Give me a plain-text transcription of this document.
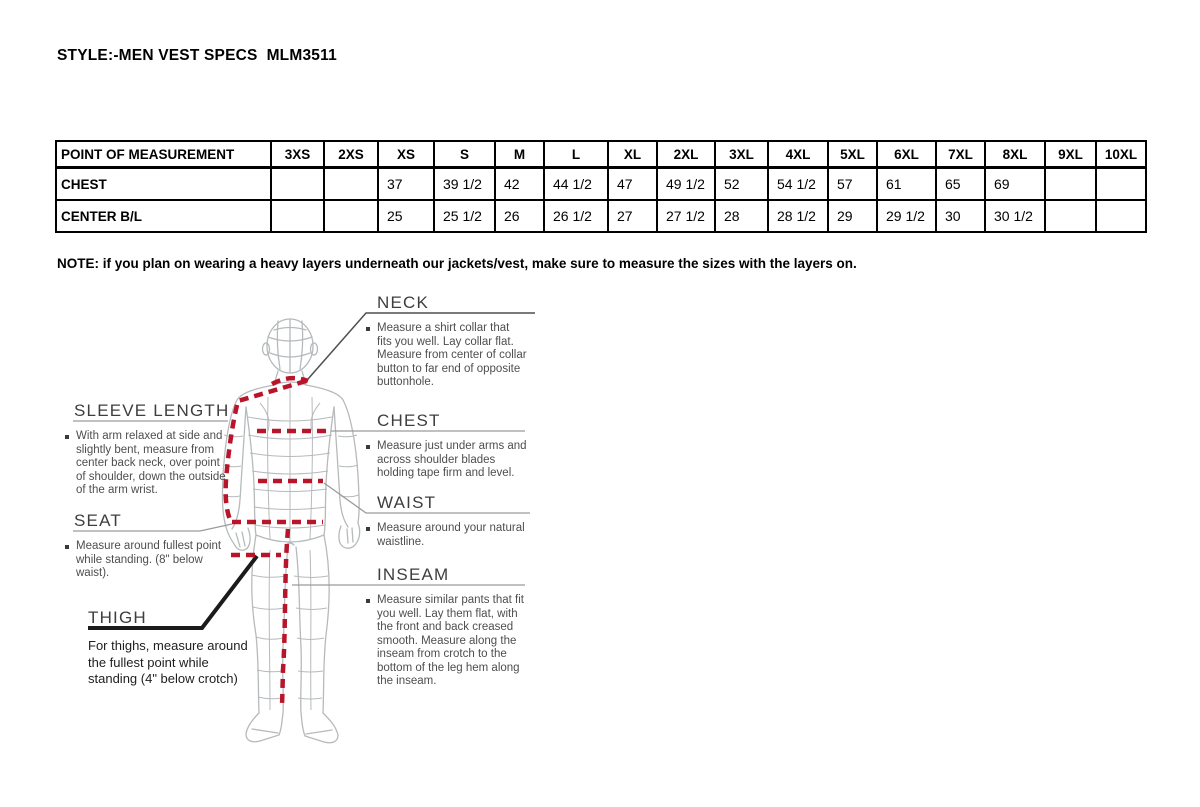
STYLE:-MEN VEST SPECS  MLM3511
POINT OF MEASUREMENT	3XS	2XS	XS	S	M	L	XL	2XL	3XL	4XL	5XL	6XL	7XL	8XL	9XL	10XL
CHEST			37	39 1/2	42	44 1/2	47	49 1/2	52	54 1/2	57	61	65	69		
CENTER B/L			25	25 1/2	26	26 1/2	27	27 1/2	28	28 1/2	29	29 1/2	30	30 1/2		

NOTE: if you plan on wearing a heavy layers underneath our jackets/vest, make sure to measure the sizes with the layers on.

NECK

Measure a shirt collar that fits you well. Lay collar flat. Measure from center of collar button to far end of opposite buttonhole.

CHEST

Measure just under arms and across shoulder blades holding tape firm and level.

WAIST

Measure around your natural waistline.

INSEAM

Measure similar pants that fit you well. Lay them flat, with the front and back creased smooth. Measure along the inseam from crotch to the bottom of the leg hem along the inseam.

SLEEVE LENGTH

With arm relaxed at side and slightly bent, measure from center back neck, over point of shoulder, down the outside of the arm wrist.

SEAT

Measure around fullest point while standing. (8" below waist).

THIGH

For thighs, measure around the fullest point while standing (4" below crotch)
